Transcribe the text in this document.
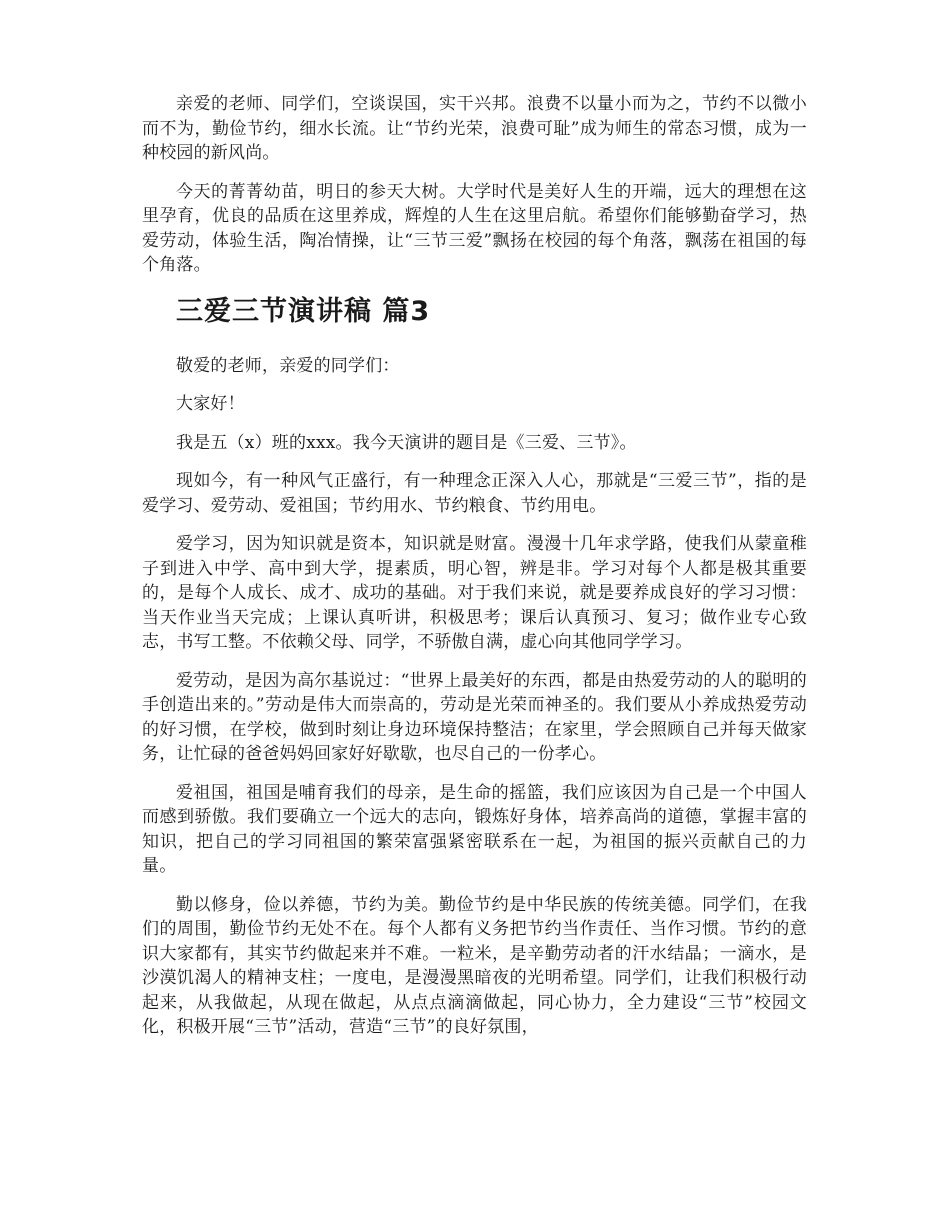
亲爱的老师、同学们，空谈误国，实干兴邦。浪费不以量小而为之，节约不以微小而不为，勤俭节约，细水长流。让“节约光荣，浪费可耻”成为师生的常态习惯，成为一种校园的新风尚。

今天的菁菁幼苗，明日的参天大树。大学时代是美好人生的开端，远大的理想在这里孕育，优良的品质在这里养成，辉煌的人生在这里启航。希望你们能够勤奋学习，热爱劳动，体验生活，陶冶情操，让“三节三爱”飘扬在校园的每个角落，飘荡在祖国的每个角落。

三爱三节演讲稿 篇3

敬爱的老师，亲爱的同学们：

大家好！

我是五（x）班的xxx。我今天演讲的题目是《三爱、三节》。

现如今，有一种风气正盛行，有一种理念正深入人心，那就是“三爱三节”，指的是爱学习、爱劳动、爱祖国；节约用水、节约粮食、节约用电。

爱学习，因为知识就是资本，知识就是财富。漫漫十几年求学路，使我们从蒙童稚子到进入中学、高中到大学，提素质，明心智，辨是非。学习对每个人都是极其重要的，是每个人成长、成才、成功的基础。对于我们来说，就是要养成良好的学习习惯：当天作业当天完成；上课认真听讲，积极思考；课后认真预习、复习；做作业专心致志，书写工整。不依赖父母、同学，不骄傲自满，虚心向其他同学学习。

爱劳动，是因为高尔基说过：“世界上最美好的东西，都是由热爱劳动的人的聪明的手创造出来的。”劳动是伟大而崇高的，劳动是光荣而神圣的。我们要从小养成热爱劳动的好习惯，在学校，做到时刻让身边环境保持整洁；在家里，学会照顾自己并每天做家务，让忙碌的爸爸妈妈回家好好歇歇，也尽自己的一份孝心。

爱祖国，祖国是哺育我们的母亲，是生命的摇篮，我们应该因为自己是一个中国人而感到骄傲。我们要确立一个远大的志向，锻炼好身体，培养高尚的道德，掌握丰富的知识，把自己的学习同祖国的繁荣富强紧密联系在一起，为祖国的振兴贡献自己的力量。

勤以修身，俭以养德，节约为美。勤俭节约是中华民族的传统美德。同学们，在我们的周围，勤俭节约无处不在。每个人都有义务把节约当作责任、当作习惯。节约的意识大家都有，其实节约做起来并不难。一粒米，是辛勤劳动者的汗水结晶；一滴水，是沙漠饥渴人的精神支柱；一度电，是漫漫黑暗夜的光明希望。同学们，让我们积极行动起来，从我做起，从现在做起，从点点滴滴做起，同心协力，全力建设“三节”校园文化，积极开展“三节”活动，营造“三节”的良好氛围，
